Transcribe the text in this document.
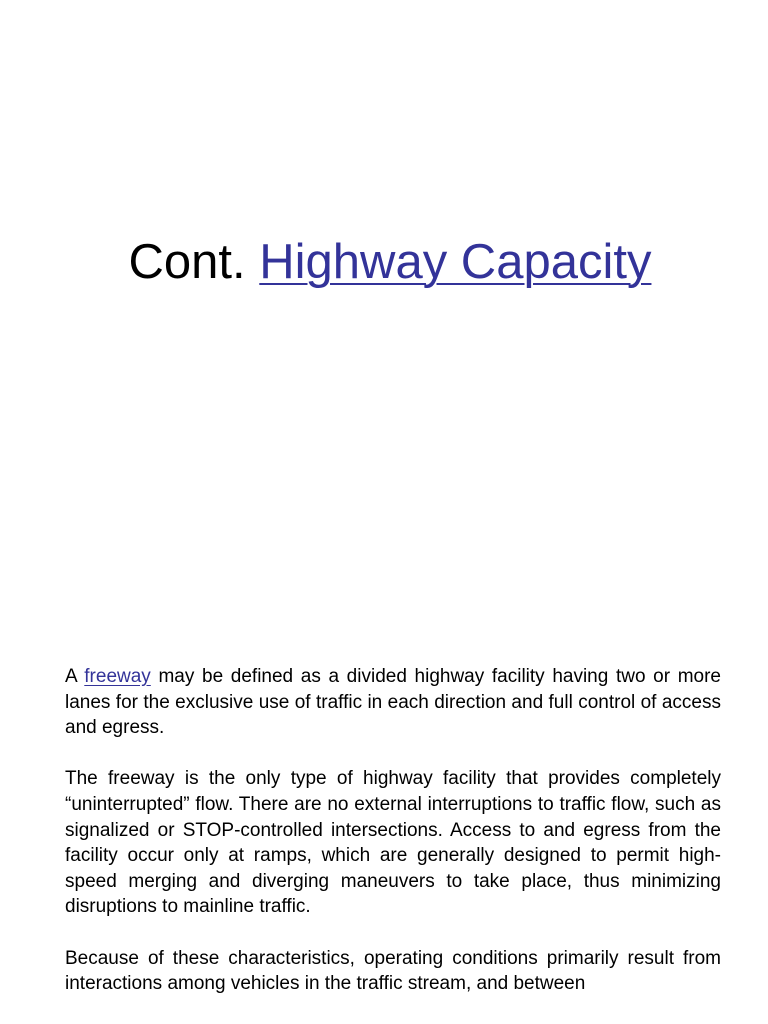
Cont. Highway Capacity

A freeway may be defined as a divided highway facility having two or more lanes for the exclusive use of traffic in each direction and full control of access and egress.

The freeway is the only type of highway facility that provides completely “uninterrupted” flow. There are no external interruptions to traffic flow, such as signalized or STOP-controlled intersections. Access to and egress from the facility occur only at ramps, which are generally designed to permit high-speed merging and diverging maneuvers to take place, thus minimizing disruptions to mainline traffic.

Because of these characteristics, operating conditions primarily result from interactions among vehicles in the traffic stream, and between
